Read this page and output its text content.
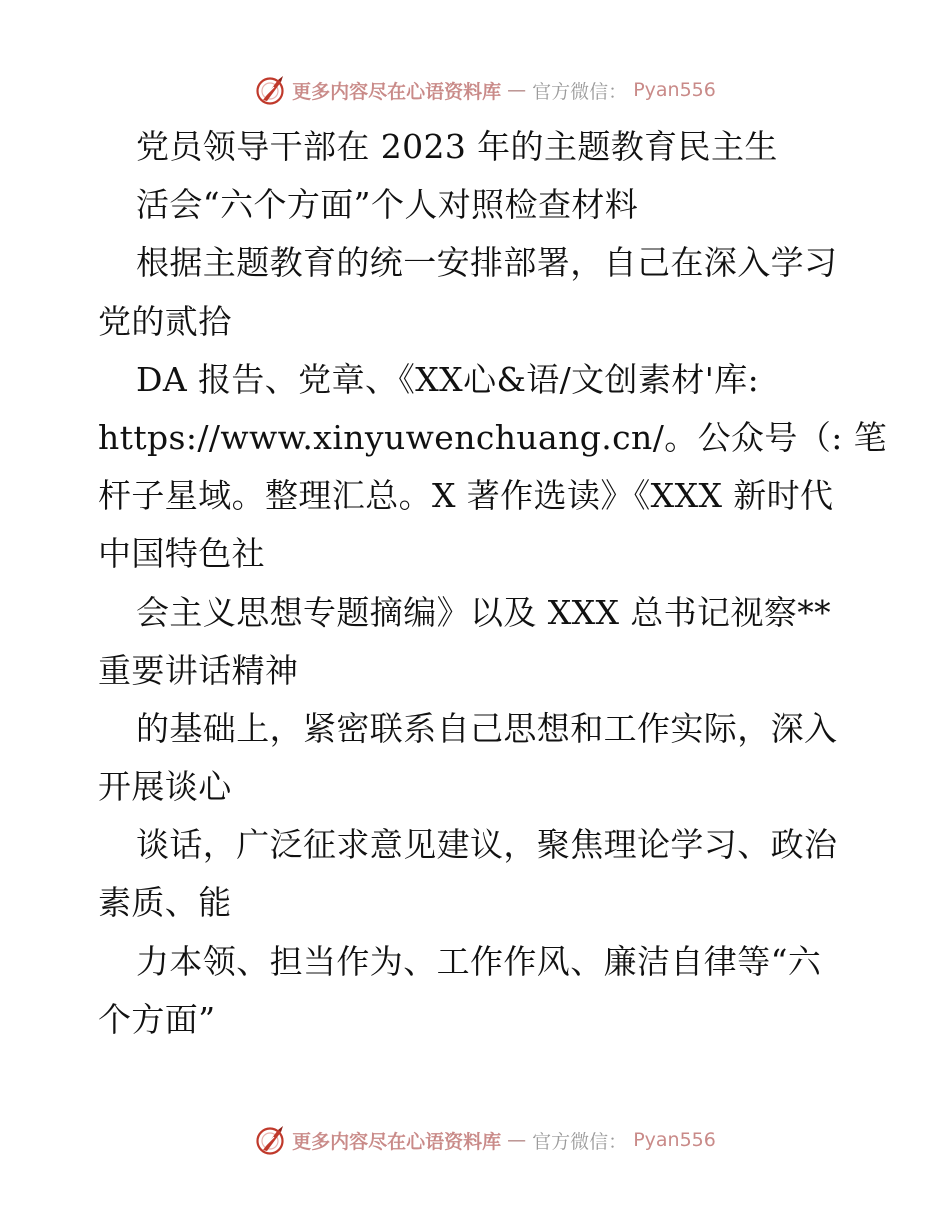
更多内容尽在心语资料库 — 官方微信： Pyan556
党员领导干部在 2023 年的主题教育民主生
活会“六个方面”个人对照检查材料
根据主题教育的统一安排部署，自己在深入学习
党的贰拾
DA 报告、党章、《XX心&语/文创素材'库:
https://www.xinyuwenchuang.cn/。公众号（: 笔
杆子星域。整理汇总。X 著作选读》《XXX 新时代
中国特色社
会主义思想专题摘编》以及 XXX 总书记视察**
重要讲话精神
的基础上，紧密联系自己思想和工作实际，深入
开展谈心
谈话，广泛征求意见建议，聚焦理论学习、政治
素质、能
力本领、担当作为、工作作风、廉洁自律等“六
个方面”
更多内容尽在心语资料库 — 官方微信： Pyan556
